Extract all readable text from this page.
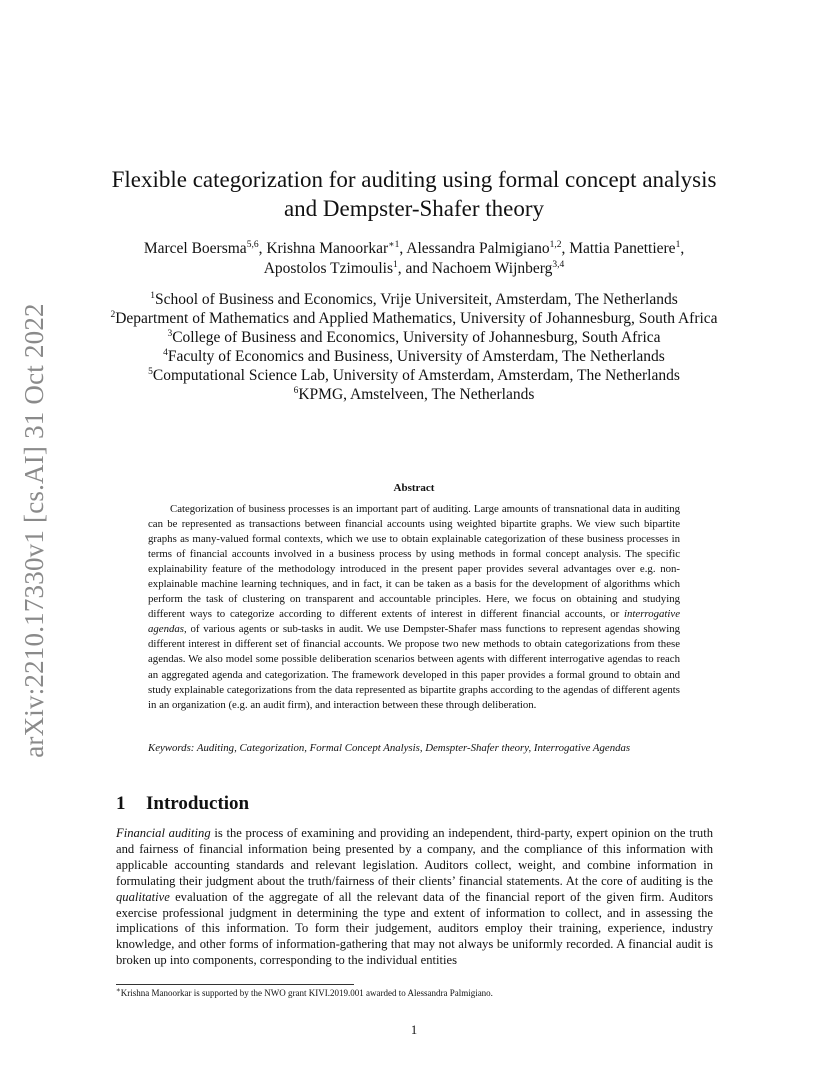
arXiv:2210.17330v1 [cs.AI] 31 Oct 2022
Flexible categorization for auditing using formal concept analysis and Dempster-Shafer theory

Marcel Boersma$^{5,6}$, Krishna Manoorkar$^{∗1}$, Alessandra Palmigiano$^{1,2}$, Mattia Panettiere$^1$,
Apostolos Tzimoulis$^1$, and Nachoem Wijnberg$^{3,4}$

$^1$School of Business and Economics, Vrije Universiteit, Amsterdam, The Netherlands
$^2$Department of Mathematics and Applied Mathematics, University of Johannesburg, South Africa
$^3$College of Business and Economics, University of Johannesburg, South Africa
$^4$Faculty of Economics and Business, University of Amsterdam, The Netherlands
$^5$Computational Science Lab, University of Amsterdam, Amsterdam, The Netherlands
$^6$KPMG, Amstelveen, The Netherlands

Abstract

Categorization of business processes is an important part of auditing. Large amounts of transnational data in auditing can be represented as transactions between financial accounts using weighted bipartite graphs. We view such bipartite graphs as many-valued formal contexts, which we use to obtain explainable categorization of these business processes in terms of financial accounts involved in a business process by using methods in formal concept analysis. The specific explainability feature of the methodology introduced in the present paper provides several advantages over e.g. non-explainable machine learning techniques, and in fact, it can be taken as a basis for the development of algorithms which perform the task of clustering on transparent and accountable principles. Here, we focus on obtaining and studying different ways to categorize according to different extents of interest in different financial accounts, or interrogative agendas, of various agents or sub-tasks in audit. We use Dempster-Shafer mass functions to represent agendas showing different interest in different set of financial accounts. We propose two new methods to obtain categorizations from these agendas. We also model some possible deliberation scenarios between agents with different interrogative agendas to reach an aggregated agenda and categorization. The framework developed in this paper provides a formal ground to obtain and study explainable categorizations from the data represented as bipartite graphs according to the agendas of different agents in an organization (e.g. an audit firm), and interaction between these through deliberation.

Keywords: Auditing, Categorization, Formal Concept Analysis, Demspter-Shafer theory, Interrogative Agendas

1 Introduction

Financial auditing is the process of examining and providing an independent, third-party, expert opinion on the truth and fairness of financial information being presented by a company, and the compliance of this information with applicable accounting standards and relevant legislation. Auditors collect, weight, and combine information in formulating their judgment about the truth/fairness of their clients’ financial statements. At the core of auditing is the qualitative evaluation of the aggregate of all the relevant data of the financial report of the given firm. Auditors exercise professional judgment in determining the type and extent of information to collect, and in assessing the implications of this information. To form their judgement, auditors employ their training, experience, industry knowledge, and other forms of information-gathering that may not always be uniformly recorded. A financial audit is broken up into components, corresponding to the individual entities

∗Krishna Manoorkar is supported by the NWO grant KIVI.2019.001 awarded to Alessandra Palmigiano.

1
